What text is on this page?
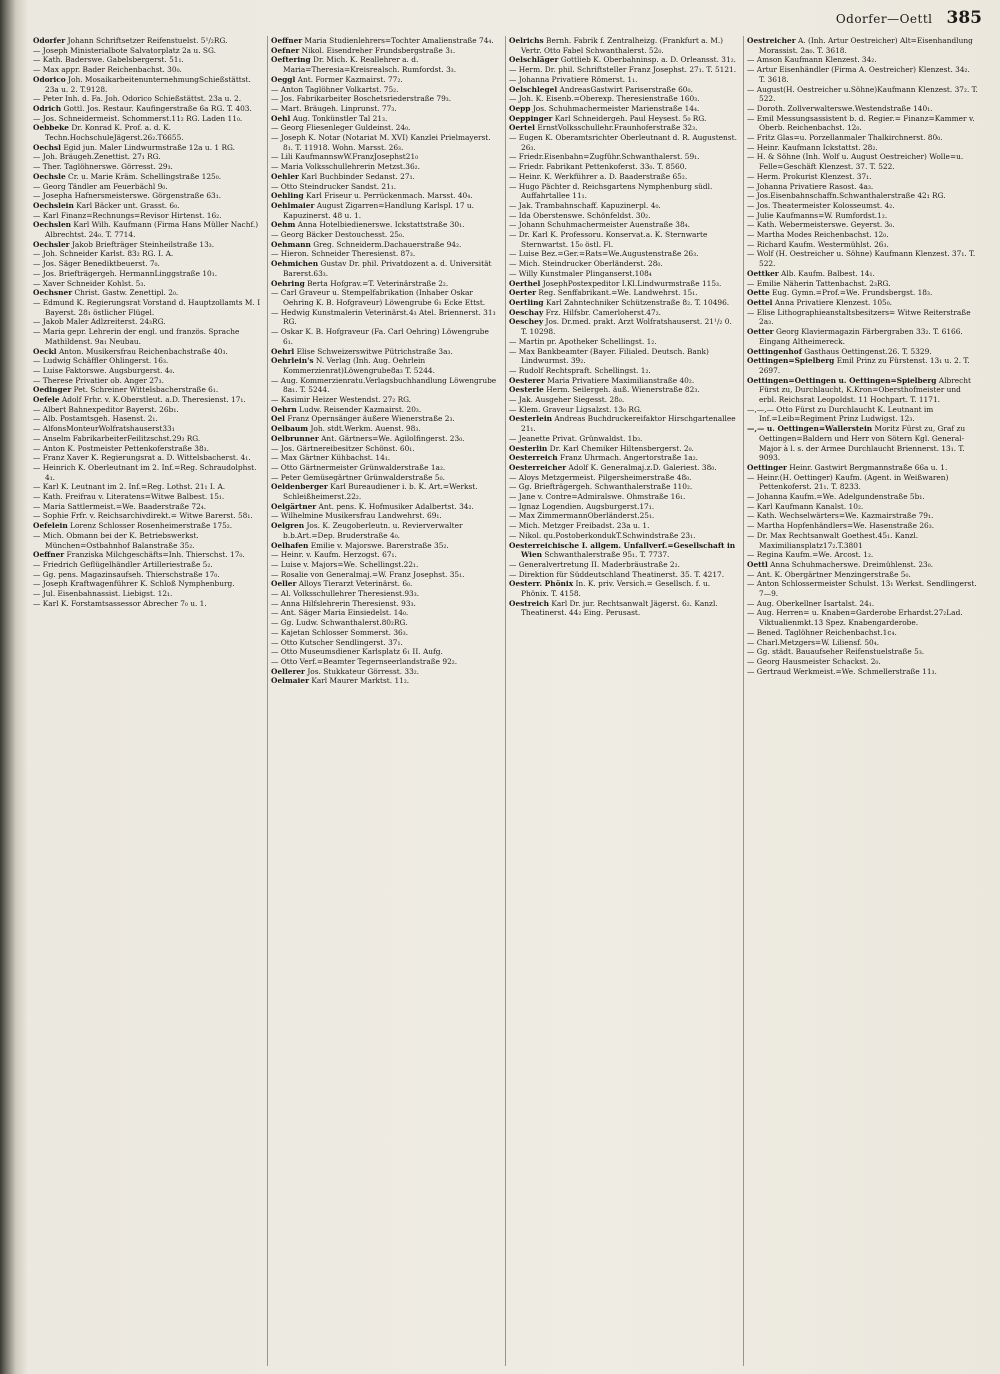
Odorfer—Oettl 385
Odorfer Johann Schriftsetzer Reifenstuelst. 5¹/₂RG.
— Joseph Ministerialbote Salvatorplatz 2a u. SG.
— Kath. Baderswe. Gabelsbergerst. 51₁.
— Max appr. Bader Reichenbachst. 30₀.
Odorico Joh. MosaikarbeitenunternehmungSchießstättst. 23a u. 2. T.9128.
— Peter Inh. d. Fa. Joh. Odorico Schießstättst. 23a u. 2.
Odrich Gottl. Jos. Restaur. Kaufingerstraße 6a RG. T. 403.
— Jos. Schneidermeist. Schommerst.11₂ RG. Laden 11₀.
Oebbeke Dr. Konrad K. Prof. a. d. K. Techn.HochschuleJägerst.26₂.T6655.
Oechsl Egid jun. Maler Lindwurmstraße 12a u. 1 RG.
— Joh. Bräugeh.Zenettist. 27₁ RG.
— Ther. Taglöhnerswe. Görresst. 29₃.
Oechsle Cr. u. Marie Kräm. Schellingstraße 125₀.
— Georg Tändler am Feuerbächl 9₀.
— Josepha Hafnersmeisterswe. Görgenstraße 63₁.
Oechslein Karl Bäcker unt. Grasst. 6₀.
— Karl Finanz=Rechnungs=Revisor Hirtenst. 16₂.
Oechslen Karl Wilh. Kaufmann (Firma Hans Müller Nachf.) Albrechtst. 24₀. T. 7714.
Oechsler Jakob Briefträger Steinheilstraße 13₃.
— Joh. Schneider Karlst. 83₂ RG. I. A.
— Jos. Säger Benediktbeuerst. 7₀.
— Jos. Briefträgergeh. HermannLinggstraße 10₁.
— Xaver Schneider Kohlst. 5₃.
Oechsner Christ. Gastw. Zenettipl. 2₀.
— Edmund K. Regierungsrat Vorstand d. Hauptzollamts M. I Bayerst. 28₁ östlicher Flügel.
— Jakob Maler Adlzreiterst. 24₃RG.
— Maria gepr. Lehrerin der engl. und französ. Sprache Mathildenst. 9a₁ Neubau.
Oeckl Anton. Musikersfrau Reichenbachstraße 40₃.
— Ludwig Schäffler Ohlingerst. 16₃.
— Luise Faktorswe. Augsburgerst. 4₀.
— Therese Privatier ob. Anger 27₃.
Oedinger Pet. Schreiner Wittelsbacherstraße 6₁.
Oefele Adolf Frhr. v. K.Oberstleut. a.D. Theresienst. 17₁.
— Albert Bahnexpeditor Bayerst. 26b₁.
— Alb. Postamtsgeh. Hasenst. 2₁.
— AlfonsMonteurWolfratshauserst33₁
— Anselm FabrikarbeiterFeilitzschst.29₃ RG.
— Anton K. Postmeister Pettenkoferstraße 38₃.
— Franz Xaver K. Regierungsrat a. D. Wittelsbacherst. 4₁.
— Heinrich K. Oberleutnant im 2. Inf.=Reg. Schraudolphst. 4₁.
— Karl K. Leutnant im 2. Inf.=Reg. Lothst. 21₁ I. A.
— Kath. Freifrau v. Literatens=Witwe Balbest. 15₁.
— Maria Sattlermeist.=We. Baaderstraße 72₄.
— Sophie Frfr. v. Reichsarchivdirekt.= Witwe Barerst. 58₁.
Oefelein Lorenz Schlosser Rosenheimerstraße 175₂.
— Mich. Obmann bei der K. Betriebswerkst. München=Ostbahnhof Balanstraße 35₂.
Oeffner Franziska Milchgeschäfts=Inh. Thierschst. 17₀.
— Friedrich Geflügelhändler Artilleriestraße 5₂.
— Gg. pens. Magazinsaufseh. Thierschstraße 17₀.
— Joseph Kraftwagenführer K. Schloß Nymphenburg.
— Jul. Eisenbahnassist. Liebigst. 12₁.
— Karl K. Forstamtsassessor Abrecher 7₀ u. 1.
Oeffner Maria Studienlehrers=Tochter Amalienstraße 74₄.
Oefner Nikol. Eisendreher Frundsbergstraße 3₁.
Oeftering Dr. Mich. K. Reallehrer a. d. Maria=Theresia=Kreisrealsch. Rumfordst. 3₃.
Oeggl Ant. Former Kazmairst. 77₂.
— Anton Taglöhner Volkartst. 75₂.
— Jos. Fabrikarbeiter Boschetsriederstraße 79₃.
— Mart. Bräugeh. Linprunst. 77₃.
Oehl Aug. Tonkünstler Tal 21₃.
— Georg Fliesenleger Guldeinst. 24₀.
— Joseph K. Notar (Notariat M. XVI) Kanzlei Prielmayerst. 8₁. T. 11918. Wohn. Marsst. 26₃.
— Lili KaufmannswW.FranzJosephst21₀
— Maria Volksschullehrerin Metzst.36₂.
Oehler Karl Buchbinder Sedanst. 27₁.
— Otto Steindrucker Sandst. 21₁.
Oehling Karl Friseur u. Perrückenmach. Marsst. 40₄.
Oehlmaier August Zigarren=Handlung Karlspl. 17 u. Kapuzinerst. 48 u. 1.
Oehm Anna Hotelbiedienerswe. Ickstattstraße 30₁.
— Georg Bäcker Destouchesst. 25₀.
Oehmann Greg. Schneiderm.Dachauerstraße 94₂.
— Hieron. Schneider Theresienst. 87₃.
Oehmichen Gustav Dr. phil. Privatdozent a. d. Universität Barerst.63₃.
Oehring Berta Hofgrav.=T. Veterinärstraße 2₂.
— Carl Graveur u. Stempelfabrikation (Inhaber Oskar Oehring K. B. Hofgraveur) Löwengrube 6₁ Ecke Ettst.
— Hedwig Kunstmalerin Veterinärst.4₃ Atel. Briennerst. 31₃ RG.
— Oskar K. B. Hofgraveur (Fa. Carl Oehring) Löwengrube 6₁.
Oehrl Elise Schweizerswitwe Pütrichstraße 3a₃.
Oehrlein's N. Verlag (Inh. Aug. Oehrlein Kommerzienrat)Löwengrube8a₃ T. 5244.
— Aug. Kommerzienratu.Verlagsbuchhandlung Löwengrube 8a₁. T. 5244.
— Kasimir Heizer Westendst. 27₂ RG.
Oehrn Ludw. Reisender Kazmairst. 20₃.
Oel Franz Opernsänger äußere Wienerstraße 2₃.
Oelbaum Joh. stdt.Werkm. Auenst. 98₃.
Oelbrunner Ant. Gärtners=We. Agilolfingerst. 23₀.
— Jos. Gärtnereibesitzer Schönst. 60₁.
— Max Gärtner Kühbachst. 14₁.
— Otto Gärtnermeister Grünwalderstraße 1a₂.
— Peter Gemüsegärtner Grünwalderstraße 5₀.
Oeldenberger Karl Bureaudiener i. b. K. Art.=Werkst. Schleißheimerst.22₂.
Oelgärtner Ant. pens. K. Hofmusiker Adalbertst. 34₂.
— Wilhelmine Musikersfrau Landwehrst. 69₁.
Oelgren Jos. K. Zeugoberleutn. u. Revierverwalter b.b.Art.=Dep. Bruderstraße 4₀.
Oelhafen Emilie v. Majorswe. Barerstraße 35₂.
— Heinr. v. Kaufm. Herzogst. 67₁.
— Luise v. Majors=We. Schellingst.22₁.
— Rosalie von Generalmaj.=W. Franz Josephst. 35₁.
Oeller Alloys Tierarzt Veterinärst. 6₀.
— Al. Volksschullehrer Theresienst.93₃.
— Anna Hilfslehrerin Theresienst. 93₃.
— Ant. Säger Maria Einsiedelst. 14₀.
— Gg. Ludw. Schwanthalerst.80₂RG.
— Kajetan Schlosser Sommerst. 36₃.
— Otto Kutscher Sendlingerst. 37₁.
— Otto Museumsdiener Karlsplatz 6₁ II. Aufg.
— Otto Verf.=Beamter Tegernseerlandstraße 92₂.
Oellerer Jos. Stukkateur Görresst. 33₂.
Oelmaier Karl Maurer Marktst. 11₂.
Oelrichs Bernh. Fabrik f. Zentralheizg. (Frankfurt a. M.) Vertr. Otto Fabel Schwanthalerst. 52₀.
Oelschläger Gottlieb K. Oberbahninsp. a. D. Orleansst. 31₂.
— Herm. Dr. phil. Schriftsteller Franz Josephst. 27₁. T. 5121.
— Johanna Privatiere Römerst. 1₁.
Oelschlegel AndreasGastwirt Pariserstraße 60₀.
— Joh. K. Eisenb.=Oberexp. Theresienstraße 160₃.
Oepp Jos. Schuhmachermeister Marienstraße 14₄.
Oeppinger Karl Schneidergeh. Paul Heysest. 5₀ RG.
Oertel ErnstVolksschullehr.Fraunhoferstraße 32₃.
— Eugen K. Oberamtsrichter Oberleutnant d. R. Augustenst. 26₃.
— Friedr.Eisenbahn=Zugführ.Schwanthalerst. 59₁.
— Friedr. Fabrikant Pettenkoferst. 33₀. T. 8560.
— Heinr. K. Werkführer a. D. Baaderstraße 65₂.
— Hugo Pächter d. Reichsgartens Nymphenburg südl. Auffahrtallee 11₁.
— Jak. Trambahnschaff. Kapuzinerpl. 4₀.
— Ida Oberstenswe. Schönfeldst. 30₂.
— Johann Schuhmachermeister Auenstraße 38₄.
— Dr. Karl K. Professoru. Konservat.a. K. Sternwarte Sternwartst. 15₀ östl. Fl.
— Luise Bez.=Ger.=Rats=We.Augustenstraße 26₃.
— Mich. Steindrucker Oberländerst. 28₀.
— Willy Kunstmaler Plinganserst.108₄
Oerthel JosephPostexpeditor I.Kl.Lindwurmstraße 115₃.
Oerter Reg. Senffabrikant.=We. Landwehrst. 15₁.
Oertling Karl Zahntechniker Schützenstraße 8₂. T. 10496.
Oeschay Frz. Hilfsbr. Camerloherst.47₂.
Oeschey Jos. Dr.med. prakt. Arzt Wolfratshauserst. 21¹/₂ 0. T. 10298.
— Martin pr. Apotheker Schellingst. 1₂.
— Max Bankbeamter (Bayer. Filialed. Deutsch. Bank) Lindwurmst. 39₂.
— Rudolf Rechtspraft. Schellingst. 1₂.
Oesterer Maria Privatiere Maximilianstraße 40₂.
Oesterle Herm. Seilergeh. äuß. Wienerstraße 82₃.
— Jak. Ausgeher Siegesst. 28₀.
— Klem. Graveur Ligsalzst. 13₀ RG.
Oesterlein Andreas Buchdruckereifaktor Hirschgartenallee 21₁.
— Jeanette Privat. Grünwaldst. 1b₃.
Oesterlin Dr. Karl Chemiker Hiltensbergerst. 2₀.
Oesterreich Franz Uhrmach. Angertorstraße 1a₂.
Oesterreicher Adolf K. Generalmaj.z.D. Galeriest. 38₀.
— Aloys Metzgermeist. Pilgersheimerstraße 48₀.
— Gg. Briefträgergeh. Schwanthalerstraße 110₂.
— Jane v. Contre=Admiralswe. Ohmstraße 16₁.
— Ignaz Logendien. Augsburgerst.17₁.
— Max ZimmermannOberländerst.25₁.
— Mich. Metzger Freibadst. 23a u. 1.
— Nikol. qu.PostoberkondukT.Schwindstraße 23₁.
Oesterreichische I. allgem. Unfallverf.=Gesellschaft in Wien Schwanthalerstraße 95₁. T. 7737.
— Generalvertretung II. Maderbräustraße 2₂.
— Direktion für Süddeutschland Theatinerst. 35. T. 4217.
Oesterr. Phönix In. K. priv. Versich.= Gesellsch. f. u. Phönix. T. 4158.
Oestreich Karl Dr. jur. Rechtsanwalt Jägerst. 6₂. Kanzl. Theatinerst. 44₂ Eing. Perusast.
Oestreicher A. (Inh. Artur Oestreicher) Alt=Eisenhandlung Morassist. 2a₀. T. 3618.
— Amson Kaufmann Klenzest. 34₂.
— Artur Eisenhändler (Firma A. Oestreicher) Klenzest. 34₂. T. 3618.
— August(H. Oestreicher u.Söhne)Kaufmann Klenzest. 37₂. T. 522.
— Doroth. Zollverwalterswe.Westendstraße 140₁.
— Emil Messungsassistent b. d. Regier.= Finanz=Kammer v. Oberb. Reichenbachst. 12₀.
— Fritz Glas=u. Porzellanmaler Thalkirchnerst. 80₀.
— Heinr. Kaufmann Ickstattst. 28₂.
— H. & Söhne (Inh. Wolf u. August Oestreicher) Wolle=u. Felle=Geschäft Klenzest. 37. T. 522.
— Herm. Prokurist Klenzest. 37₁.
— Johanna Privatiere Rasost. 4a₃.
— Jos.Eisenbahnschaffn.Schwanthalerstraße 42₁ RG.
— Jos. Theatermeister Kolosseumst. 4₂.
— Julie Kaufmanns=W. Rumfordst.1₂.
— Kath. Webermeisterswe. Geyerst. 3₀.
— Martha Modes Reichenbachst. 12₀.
— Richard Kaufm. Westermühlst. 26₃.
— Wolf (H. Oestreicher u. Söhne) Kaufmann Klenzest. 37₁. T. 522.
Oettker Alb. Kaufm. Balbest. 14₁.
— Emilie Näherin Tattenbachst. 2₃RG.
Oette Eug. Gymn.=Prof.=We. Frundsbergst. 18₃.
Oettel Anna Privatiere Klenzest. 105₀.
— Elise Lithographieanstaltsbesitzers= Witwe Reiterstraße 2a₃.
Oetter Georg Klaviermagazin Färbergraben 33₂. T. 6166. Eingang Altheimereck.
Oettingenhof Gasthaus Oettingenst.26. T. 5329.
Oettingen=Spielberg Emil Prinz zu Fürstenst. 13₁ u. 2. T. 2697.
Oettingen=Oettingen u. Oettingen=Spielberg Albrecht Fürst zu, Durchlaucht, K.Kron=Obersthofmeister und erbl. Reichsrat Leopoldst. 11 Hochpart. T. 1171.
—,—,— Otto Fürst zu Durchlaucht K. Leutnant im Inf.=Leib=Regiment Prinz Ludwigst. 12₃.
—,— u. Oettingen=Wallerstein Moritz Fürst zu, Graf zu Oettingen=Baldern und Herr von Sötern Kgl. GeneralMajor à l. s. der Armee Durchlaucht Briennerst. 13₁. T. 9093.
Oettinger Heinr. Gastwirt Bergmannstraße 66a u. 1.
— Heinr.(H. Oettinger) Kaufm. (Agent. in Weißwaren) Pettenkoferst. 21₁. T. 8233.
— Johanna Kaufm.=We. Adelgundenstraße 5b₁.
— Karl Kaufmann Kanalst. 10₂.
— Kath. Wechselwärters=We. Kazmairstraße 79₁.
— Martha Hopfenhändlers=We. Hasenstraße 26₃.
— Dr. Max Rechtsanwalt Goethest.45₁. Kanzl. Maximiliansplatz17₂.T.3801
— Regina Kaufm.=We. Arcost. 1₂.
Oettl Anna Schuhmacherswe. Dreimühlenst. 23₀.
— Ant. K. Obergärtner Menzingerstraße 5₀.
— Anton Schlossermeister Schulst. 13₁ Werkst. Sendlingerst. 7—9.
— Aug. Oberkellner Isartalst. 24₁.
— Aug. Herren= u. Knaben=Garderobe Erhardst.27₂Lad. Viktualienmkt.13 Spez. Knabengarderobe.
— Bened. Taglöhner Reichenbachst.1c₄.
— Charl.Metzgers=W. Liliensf. 50₄.
— Gg. städt. Bauaufseher Reifenstuelstraße 5₃.
— Georg Hausmeister Schackst. 2₀.
— Gertraud Werkmeist.=We. Schmellerstraße 11₃.
